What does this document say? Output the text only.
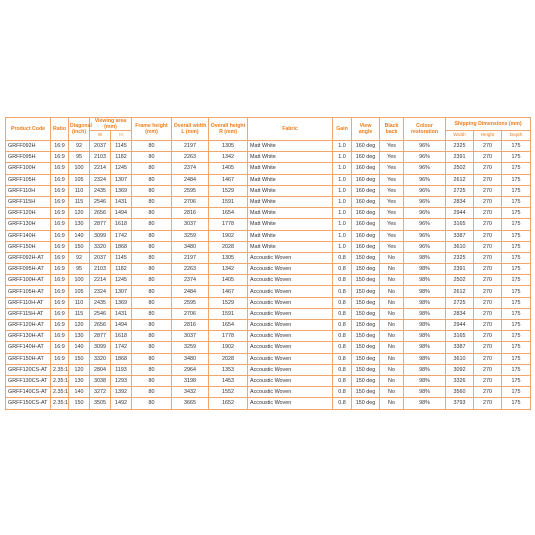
Product Code	Ratio	Diagonal (inch)	Viewing area (mm)		Frame height (mm)	Overall width L (mm)	Overall height R (mm)	Fabric	Gain	View angle	Black back	Colour restoration	Shipping Dimensions (mm)		
			W	H									Width	Height	Depth
GRFF092H	16:9	92	2037	1145	80	2197	1305	Matt White	1.0	160 deg	Yes	96%	2325	270	175
GRFF095H	16:9	95	2103	1182	80	2263	1342	Matt White	1.0	160 deg	Yes	96%	2391	270	175
GRFF100H	16:9	100	2214	1245	80	2374	1405	Matt White	1.0	160 deg	Yes	96%	2502	270	175
GRFF105H	16:9	105	2324	1307	80	2484	1467	Matt White	1.0	160 deg	Yes	96%	2612	270	175
GRFF110H	16:9	110	2435	1369	80	2595	1529	Matt White	1.0	160 deg	Yes	96%	2725	270	175
GRFF115H	16:9	115	2546	1431	80	2706	1591	Matt White	1.0	160 deg	Yes	96%	2834	270	175
GRFF120H	16:9	120	2656	1494	80	2816	1654	Matt White	1.0	160 deg	Yes	96%	2944	270	175
GRFF130H	16:9	130	2877	1618	80	3037	1778	Matt White	1.0	160 deg	Yes	96%	3165	270	175
GRFF140H	16:9	140	3099	1742	80	3259	1902	Matt White	1.0	160 deg	Yes	96%	3387	270	175
GRFF150H	16:9	150	3320	1868	80	3480	2028	Matt White	1.0	160 deg	Yes	96%	3610	270	175
GRFF092H-AT	16:9	92	2037	1145	80	2197	1305	Accoustic Woven	0.8	150 deg	No	98%	2325	270	175
GRFF095H-AT	16:9	95	2103	1182	80	2263	1342	Accoustic Woven	0.8	150 deg	No	98%	2391	270	175
GRFF100H-AT	16:9	100	2214	1245	80	2374	1405	Accoustic Woven	0.8	150 deg	No	98%	2502	270	175
GRFF105H-AT	16:9	105	2324	1307	80	2484	1467	Accoustic Woven	0.8	150 deg	No	98%	2612	270	175
GRFF110H-AT	16:9	110	2435	1369	80	2595	1529	Accoustic Woven	0.8	150 deg	No	98%	2725	270	175
GRFF115H-AT	16:9	115	2546	1431	80	2706	1591	Accoustic Woven	0.8	150 deg	No	98%	2834	270	175
GRFF120H-AT	16:9	120	2656	1494	80	2816	1654	Accoustic Woven	0.8	150 deg	No	98%	2944	270	175
GRFF130H-AT	16:9	130	2877	1618	80	3037	1778	Accoustic Woven	0.8	150 deg	No	98%	3165	270	175
GRFF140H-AT	16:9	140	3099	1742	80	3259	1902	Accoustic Woven	0.8	150 deg	No	98%	3387	270	175
GRFF150H-AT	16:9	150	3320	1868	80	3480	2028	Accoustic Woven	0.8	150 deg	No	98%	3610	270	175
GRFF120CS-AT	2.35:1	120	2804	1193	80	2964	1353	Accoustic Woven	0.8	150 deg	No	98%	3092	270	175
GRFF130CS-AT	2.35:1	130	3038	1293	80	3198	1453	Accoustic Woven	0.8	150 deg	No	98%	3326	270	175
GRFF140CS-AT	2.35:1	140	3272	1392	80	3432	1552	Accoustic Woven	0.8	150 deg	No	98%	3560	270	175
GRFF150CS-AT	2.35:1	150	3505	1492	80	3665	1652	Accoustic Woven	0.8	150 deg	No	98%	3793	270	175
